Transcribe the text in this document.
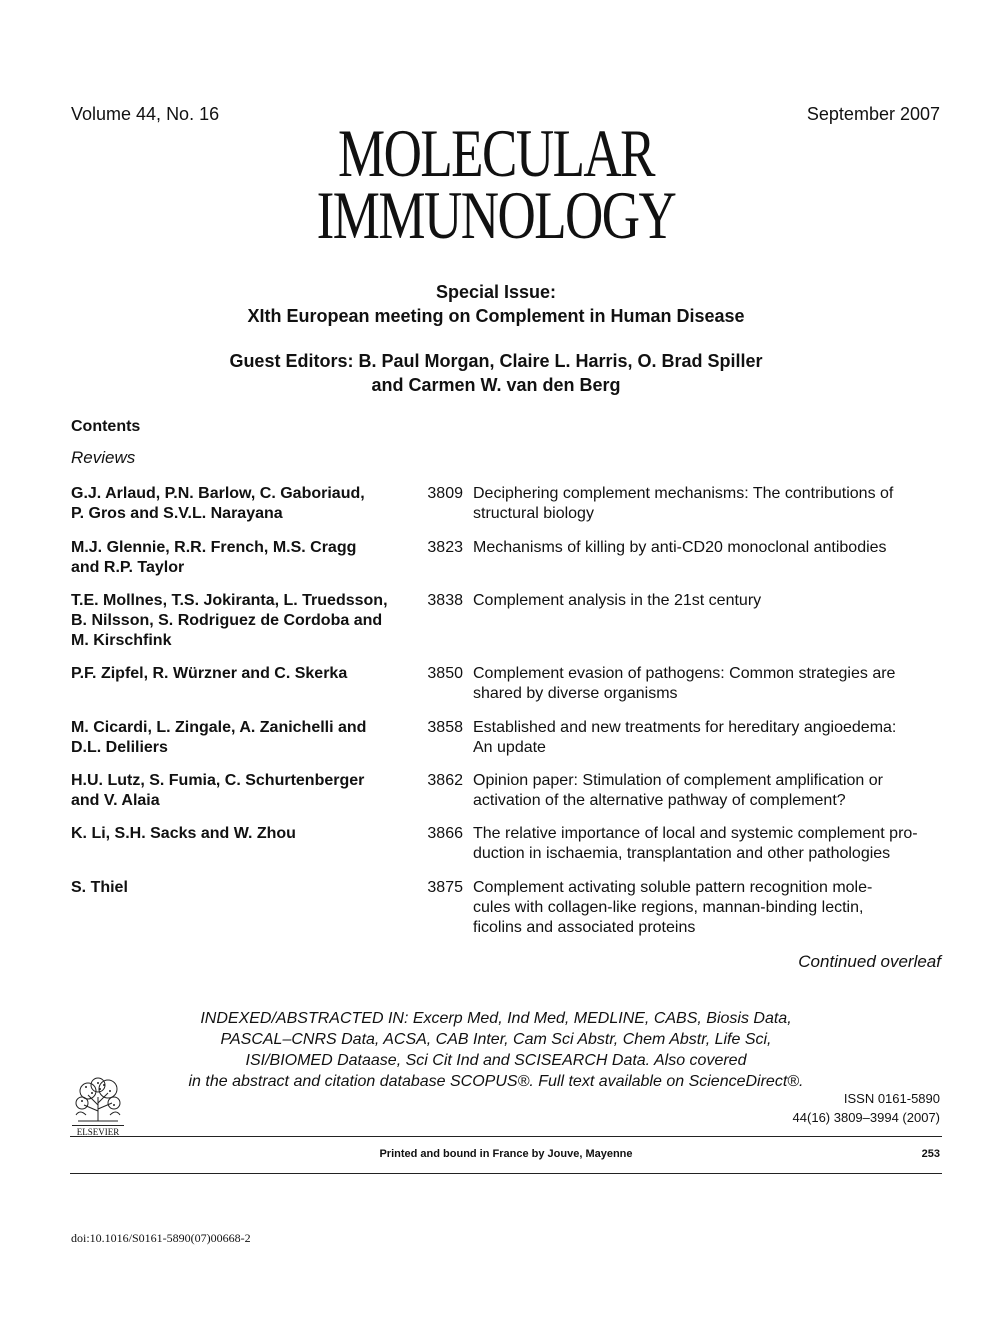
Volume 44, No. 16	September 2007
MOLECULAR
IMMUNOLOGY
Special Issue:
XIth European meeting on Complement in Human Disease
Guest Editors: B. Paul Morgan, Claire L. Harris, O. Brad Spiller
and Carmen W. van den Berg
Contents
Reviews
G.J. Arlaud, P.N. Barlow, C. Gaboriaud,
P. Gros and S.V.L. Narayana
3809 Deciphering complement mechanisms: The contributions of
structural biology
M.J. Glennie, R.R. French, M.S. Cragg
and R.P. Taylor
3823 Mechanisms of killing by anti-CD20 monoclonal antibodies
T.E. Mollnes, T.S. Jokiranta, L. Truedsson,
B. Nilsson, S. Rodriguez de Cordoba and
M. Kirschfink
3838 Complement analysis in the 21st century
P.F. Zipfel, R. Würzner and C. Skerka	3850 Complement evasion of pathogens: Common strategies are
shared by diverse organisms
M. Cicardi, L. Zingale, A. Zanichelli and
D.L. Deliliers
3858 Established and new treatments for hereditary angioedema:
An update
H.U. Lutz, S. Fumia, C. Schurtenberger
and V. Alaia
3862 Opinion paper: Stimulation of complement amplification or
activation of the alternative pathway of complement?
K. Li, S.H. Sacks and W. Zhou	3866 The relative importance of local and systemic complement pro-
duction in ischaemia, transplantation and other pathologies
S. Thiel	3875 Complement activating soluble pattern recognition mole-
cules with collagen-like regions, mannan-binding lectin,
ficolins and associated proteins
Continued overleaf
INDEXED/ABSTRACTED IN: Excerp Med, Ind Med, MEDLINE, CABS, Biosis Data,
PASCAL–CNRS Data, ACSA, CAB Inter, Cam Sci Abstr, Chem Abstr, Life Sci,
ISI/BIOMED Dataase, Sci Cit Ind and SCISEARCH Data. Also covered
in the abstract and citation database SCOPUS®. Full text available on ScienceDirect®.
ELSEVIER
ISSN 0161-5890
44(16) 3809–3994 (2007)
Printed and bound in France by Jouve, Mayenne	253
doi:10.1016/S0161-5890(07)00668-2
